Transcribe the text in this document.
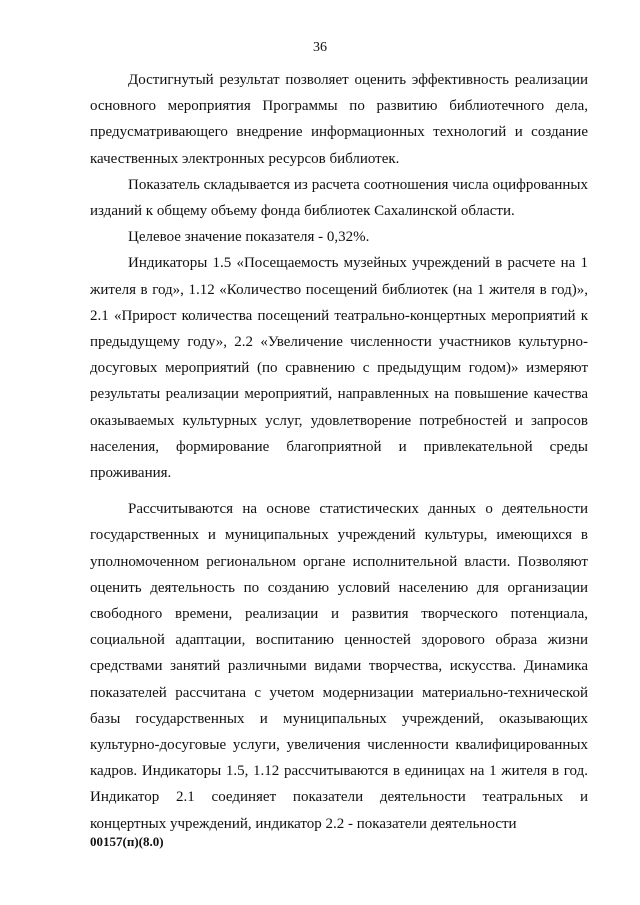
36

Достигнутый результат позволяет оценить эффективность реализации основного мероприятия Программы по развитию библиотечного дела, предусматривающего внедрение информационных технологий и создание качественных электронных ресурсов библиотек.

Показатель складывается из расчета соотношения числа оцифрованных изданий к общему объему фонда библиотек Сахалинской области.

Целевое значение показателя - 0,32%.

Индикаторы 1.5 «Посещаемость музейных учреждений в расчете на 1 жителя в год», 1.12 «Количество посещений библиотек (на 1 жителя в год)», 2.1 «Прирост количества посещений театрально-концертных мероприятий к предыдущему году», 2.2 «Увеличение численности участников культурно-досуговых мероприятий (по сравнению с предыдущим годом)» измеряют результаты реализации мероприятий, направленных на повышение качества оказываемых культурных услуг, удовлетворение потребностей и запросов населения, формирование благоприятной и привлекательной среды проживания.

Рассчитываются на основе статистических данных о деятельности государственных и муниципальных учреждений культуры, имеющихся в уполномоченном региональном органе исполнительной власти. Позволяют оценить деятельность по созданию условий населению для организации свободного времени, реализации и развития творческого потенциала, социальной адаптации, воспитанию ценностей здорового образа жизни средствами занятий различными видами творчества, искусства. Динамика показателей рассчитана с учетом модернизации материально-технической базы государственных и муниципальных учреждений, оказывающих культурно-досуговые услуги, увеличения численности квалифицированных кадров. Индикаторы 1.5, 1.12 рассчитываются в единицах на 1 жителя в год. Индикатор 2.1 соединяет показатели деятельности театральных и концертных учреждений, индикатор 2.2 - показатели деятельности

00157(п)(8.0)
